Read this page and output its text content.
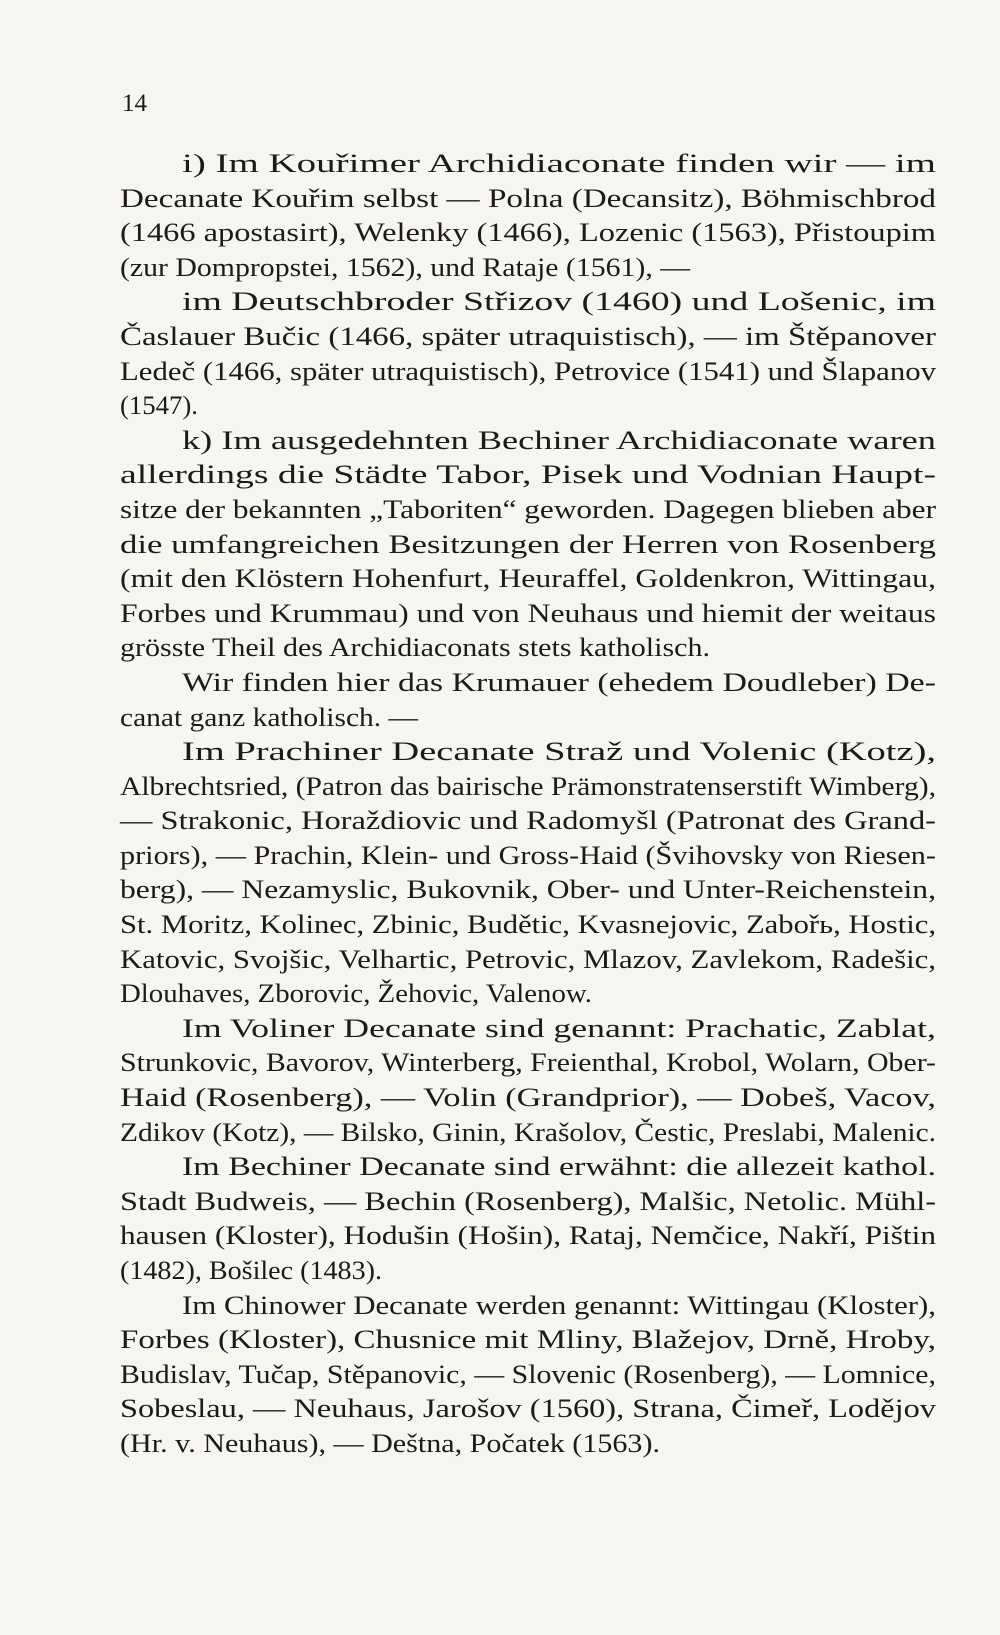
14
i) Im Kouřimer Archidiaconate finden wir — im
Decanate Kouřim selbst — Polna (Decansitz), Böhmischbrod
(1466 apostasirt), Welenky (1466), Lozenic (1563), Přistoupim
(zur Dompropstei, 1562), und Rataje (1561), —
im Deutschbroder Střizov (1460) und Lošenic, im
Časlauer Bučic (1466, später utraquistisch), — im Štěpanover
Ledeč (1466, später utraquistisch), Petrovice (1541) und Šlapanov
(1547).
k) Im ausgedehnten Bechiner Archidiaconate waren
allerdings die Städte Tabor, Pisek und Vodnian Haupt-
sitze der bekannten „Taboriten“ geworden. Dagegen blieben aber
die umfangreichen Besitzungen der Herren von Rosenberg
(mit den Klöstern Hohenfurt, Heuraffel, Goldenkron, Wittingau,
Forbes und Krummau) und von Neuhaus und hiemit der weitaus
grösste Theil des Archidiaconats stets katholisch.
Wir finden hier das Krumauer (ehedem Doudleber) De-
canat ganz katholisch. —
Im Prachiner Decanate Straž und Volenic (Kotz),
Albrechtsried, (Patron das bairische Prämonstratenserstift Wimberg),
— Strakonic, Horaždiovic und Radomyšl (Patronat des Grand-
priors), — Prachin, Klein- und Gross-Haid (Švihovsky von Riesen-
berg), — Nezamyslic, Bukovnik, Ober- und Unter-Reichenstein,
St. Moritz, Kolinec, Zbinic, Budětic, Kvasnejovic, Zabořь, Hostic,
Katovic, Svojšic, Velhartic, Petrovic, Mlazov, Zavlekom, Radešic,
Dlouhaves, Zborovic, Žehovic, Valenow.
Im Voliner Decanate sind genannt: Prachatic, Zablat,
Strunkovic, Bavorov, Winterberg, Freienthal, Krobol, Wolarn, Ober-
Haid (Rosenberg), — Volin (Grandprior), — Dobeš, Vacov,
Zdikov (Kotz), — Bilsko, Ginin, Krašolov, Čestic, Preslabi, Malenic.
Im Bechiner Decanate sind erwähnt: die allezeit kathol.
Stadt Budweis, — Bechin (Rosenberg), Malšic, Netolic. Mühl-
hausen (Kloster), Hodušin (Hošin), Rataj, Nemčice, Nakří, Pištin
(1482), Bošilec (1483).
Im Chinower Decanate werden genannt: Wittingau (Kloster),
Forbes (Kloster), Chusnice mit Mliny, Blažejov, Drně, Hroby,
Budislav, Tučap, Stěpanovic, — Slovenic (Rosenberg), — Lomnice,
Sobeslau, — Neuhaus, Jarošov (1560), Strana, Čimeř, Lodějov
(Hr. v. Neuhaus), — Deštna, Počatek (1563).
